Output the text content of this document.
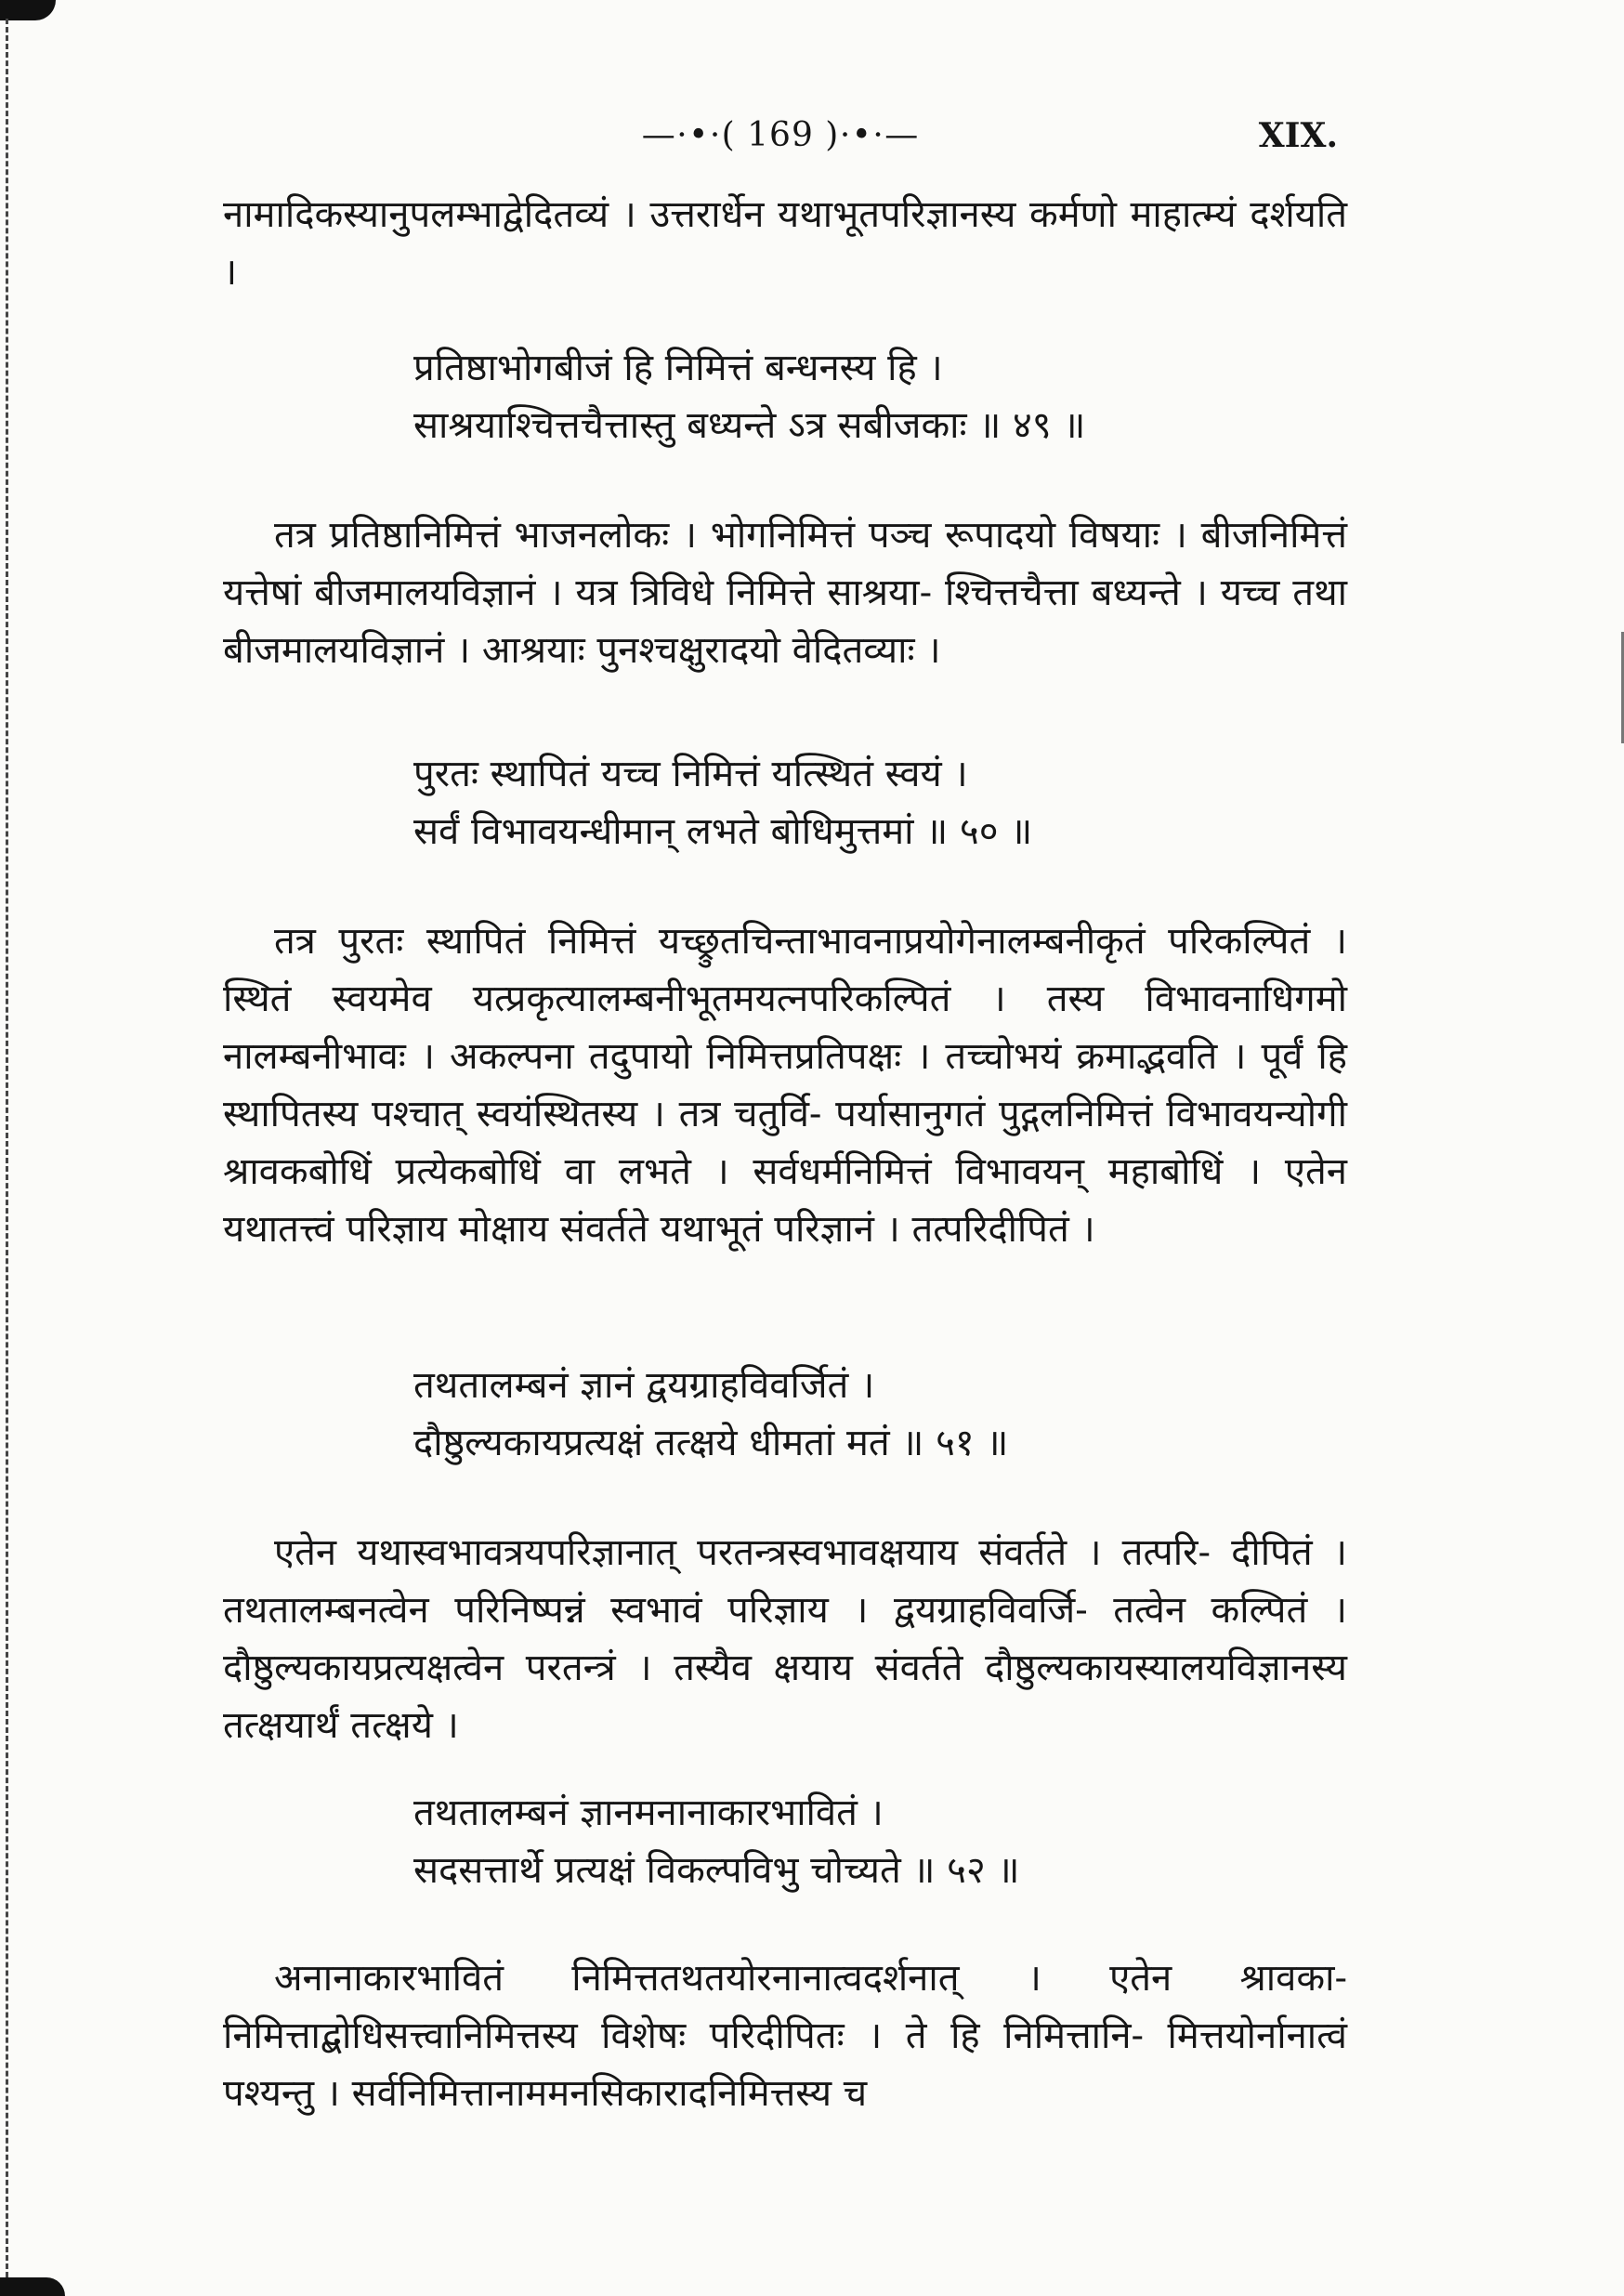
—⋅•⋅( 169 )⋅•⋅—	XIX.

नामादिकस्यानुपलम्भाद्वेदितव्यं । उत्तरार्धेन यथाभूतपरिज्ञानस्य कर्मणो माहात्म्यं दर्शयति ।

प्रतिष्ठाभोगबीजं हि निमित्तं बन्धनस्य हि ।
साश्रयाश्चित्तचैत्तास्तु बध्यन्ते ऽत्र सबीजकाः ॥ ४९ ॥

तत्र प्रतिष्ठानिमित्तं भाजनलोकः । भोगनिमित्तं पञ्च रूपादयो विषयाः । बीजनिमित्तं यत्तेषां बीजमालयविज्ञानं । यत्र त्रिविधे निमित्ते साश्रया- श्चित्तचैत्ता बध्यन्ते । यच्च तथा बीजमालयविज्ञानं । आश्रयाः पुनश्चक्षुरादयो वेदितव्याः ।

पुरतः स्थापितं यच्च निमित्तं यत्स्थितं स्वयं ।
सर्वं विभावयन्धीमान् लभते बोधिमुत्तमां ॥ ५० ॥

तत्र पुरतः स्थापितं निमित्तं यच्छ्रुतचिन्ताभावनाप्रयोगेनालम्बनीकृतं परिकल्पितं । स्थितं स्वयमेव यत्प्रकृत्यालम्बनीभूतमयत्नपरिकल्पितं । तस्य विभावनाधिगमो नालम्बनीभावः । अकल्पना तदुपायो निमित्तप्रतिपक्षः । तच्चोभयं क्रमाद्भवति । पूर्वं हि स्थापितस्य पश्चात् स्वयंस्थितस्य । तत्र चतुर्वि- पर्यासानुगतं पुद्गलनिमित्तं विभावयन्योगी श्रावकबोधिं प्रत्येकबोधिं वा लभते । सर्वधर्मनिमित्तं विभावयन् महाबोधिं । एतेन यथातत्त्वं परिज्ञाय मोक्षाय संवर्तते यथाभूतं परिज्ञानं । तत्परिदीपितं ।

तथतालम्बनं ज्ञानं द्वयग्राहविवर्जितं ।
दौष्ठुल्यकायप्रत्यक्षं तत्क्षये धीमतां मतं ॥ ५१ ॥

एतेन यथास्वभावत्रयपरिज्ञानात् परतन्त्रस्वभावक्षयाय संवर्तते । तत्परि- दीपितं । तथतालम्बनत्वेन परिनिष्पन्नं स्वभावं परिज्ञाय । द्वयग्राहविवर्जि- तत्वेन कल्पितं । दौष्ठुल्यकायप्रत्यक्षत्वेन परतन्त्रं । तस्यैव क्षयाय संवर्तते दौष्ठुल्यकायस्यालयविज्ञानस्य तत्क्षयार्थं तत्क्षये ।

तथतालम्बनं ज्ञानमनानाकारभावितं ।
सदसत्तार्थे प्रत्यक्षं विकल्पविभु चोच्यते ॥ ५२ ॥

अनानाकारभावितं निमित्ततथतयोरनानात्वदर्शनात् । एतेन श्रावका- निमित्ताद्बोधिसत्त्वानिमित्तस्य विशेषः परिदीपितः । ते हि निमित्तानि- मित्तयोर्नानात्वं पश्यन्तु । सर्वनिमित्तानाममनसिकारादनिमित्तस्य च
